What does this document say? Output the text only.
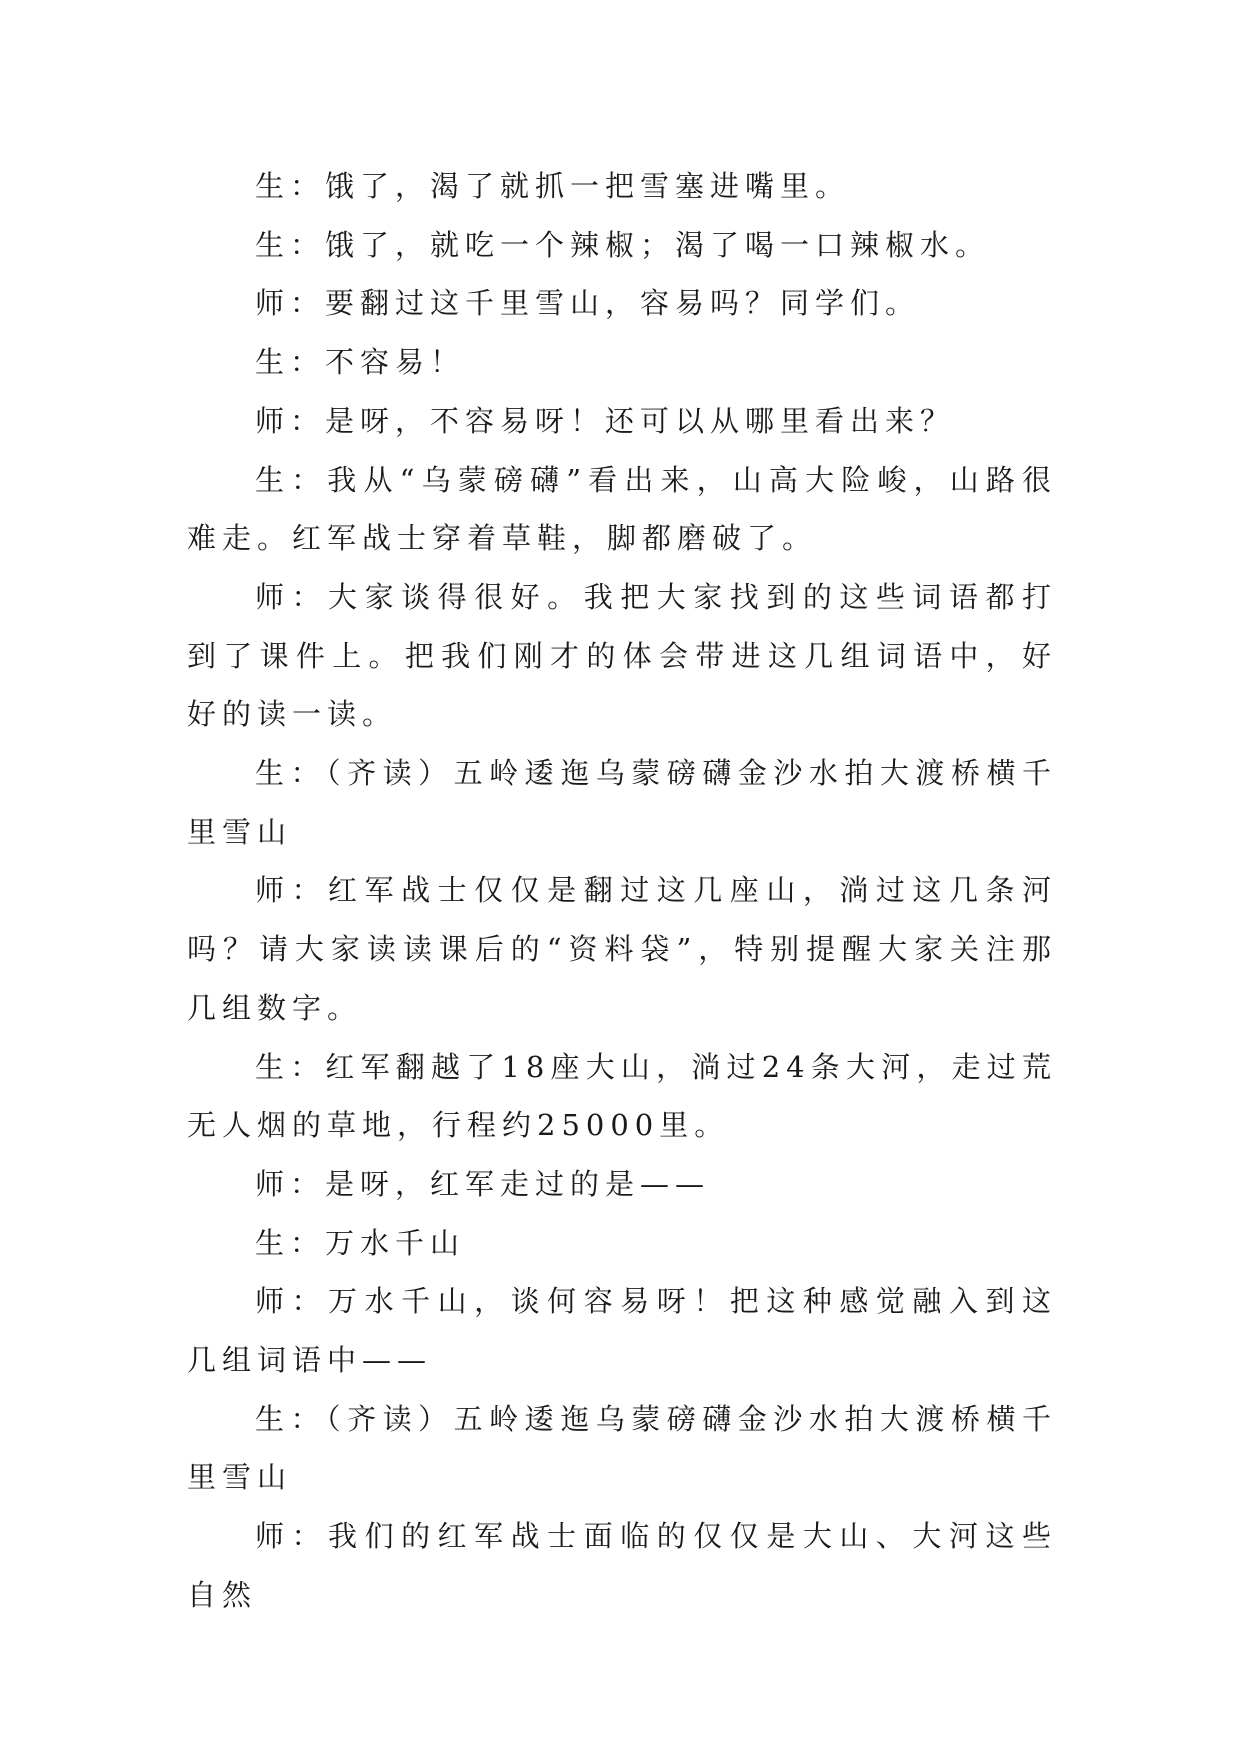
生：饿了，渴了就抓一把雪塞进嘴里。

生：饿了，就吃一个辣椒；渴了喝一口辣椒水。

师：要翻过这千里雪山，容易吗？同学们。

生：不容易！

师：是呀，不容易呀！还可以从哪里看出来？

生：我从“乌蒙磅礴”看出来，山高大险峻，山路很难走。红军战士穿着草鞋，脚都磨破了。

师：大家谈得很好。我把大家找到的这些词语都打到了课件上。把我们刚才的体会带进这几组词语中，好好的读一读。

生：（齐读）五岭逶迤乌蒙磅礴金沙水拍大渡桥横千里雪山

师：红军战士仅仅是翻过这几座山，淌过这几条河吗？请大家读读课后的“资料袋”，特别提醒大家关注那几组数字。

生：红军翻越了18座大山，淌过24条大河，走过荒无人烟的草地，行程约25000里。

师：是呀，红军走过的是——

生：万水千山

师：万水千山，谈何容易呀！把这种感觉融入到这几组词语中——

生：（齐读）五岭逶迤乌蒙磅礴金沙水拍大渡桥横千里雪山

师：我们的红军战士面临的仅仅是大山、大河这些自然
